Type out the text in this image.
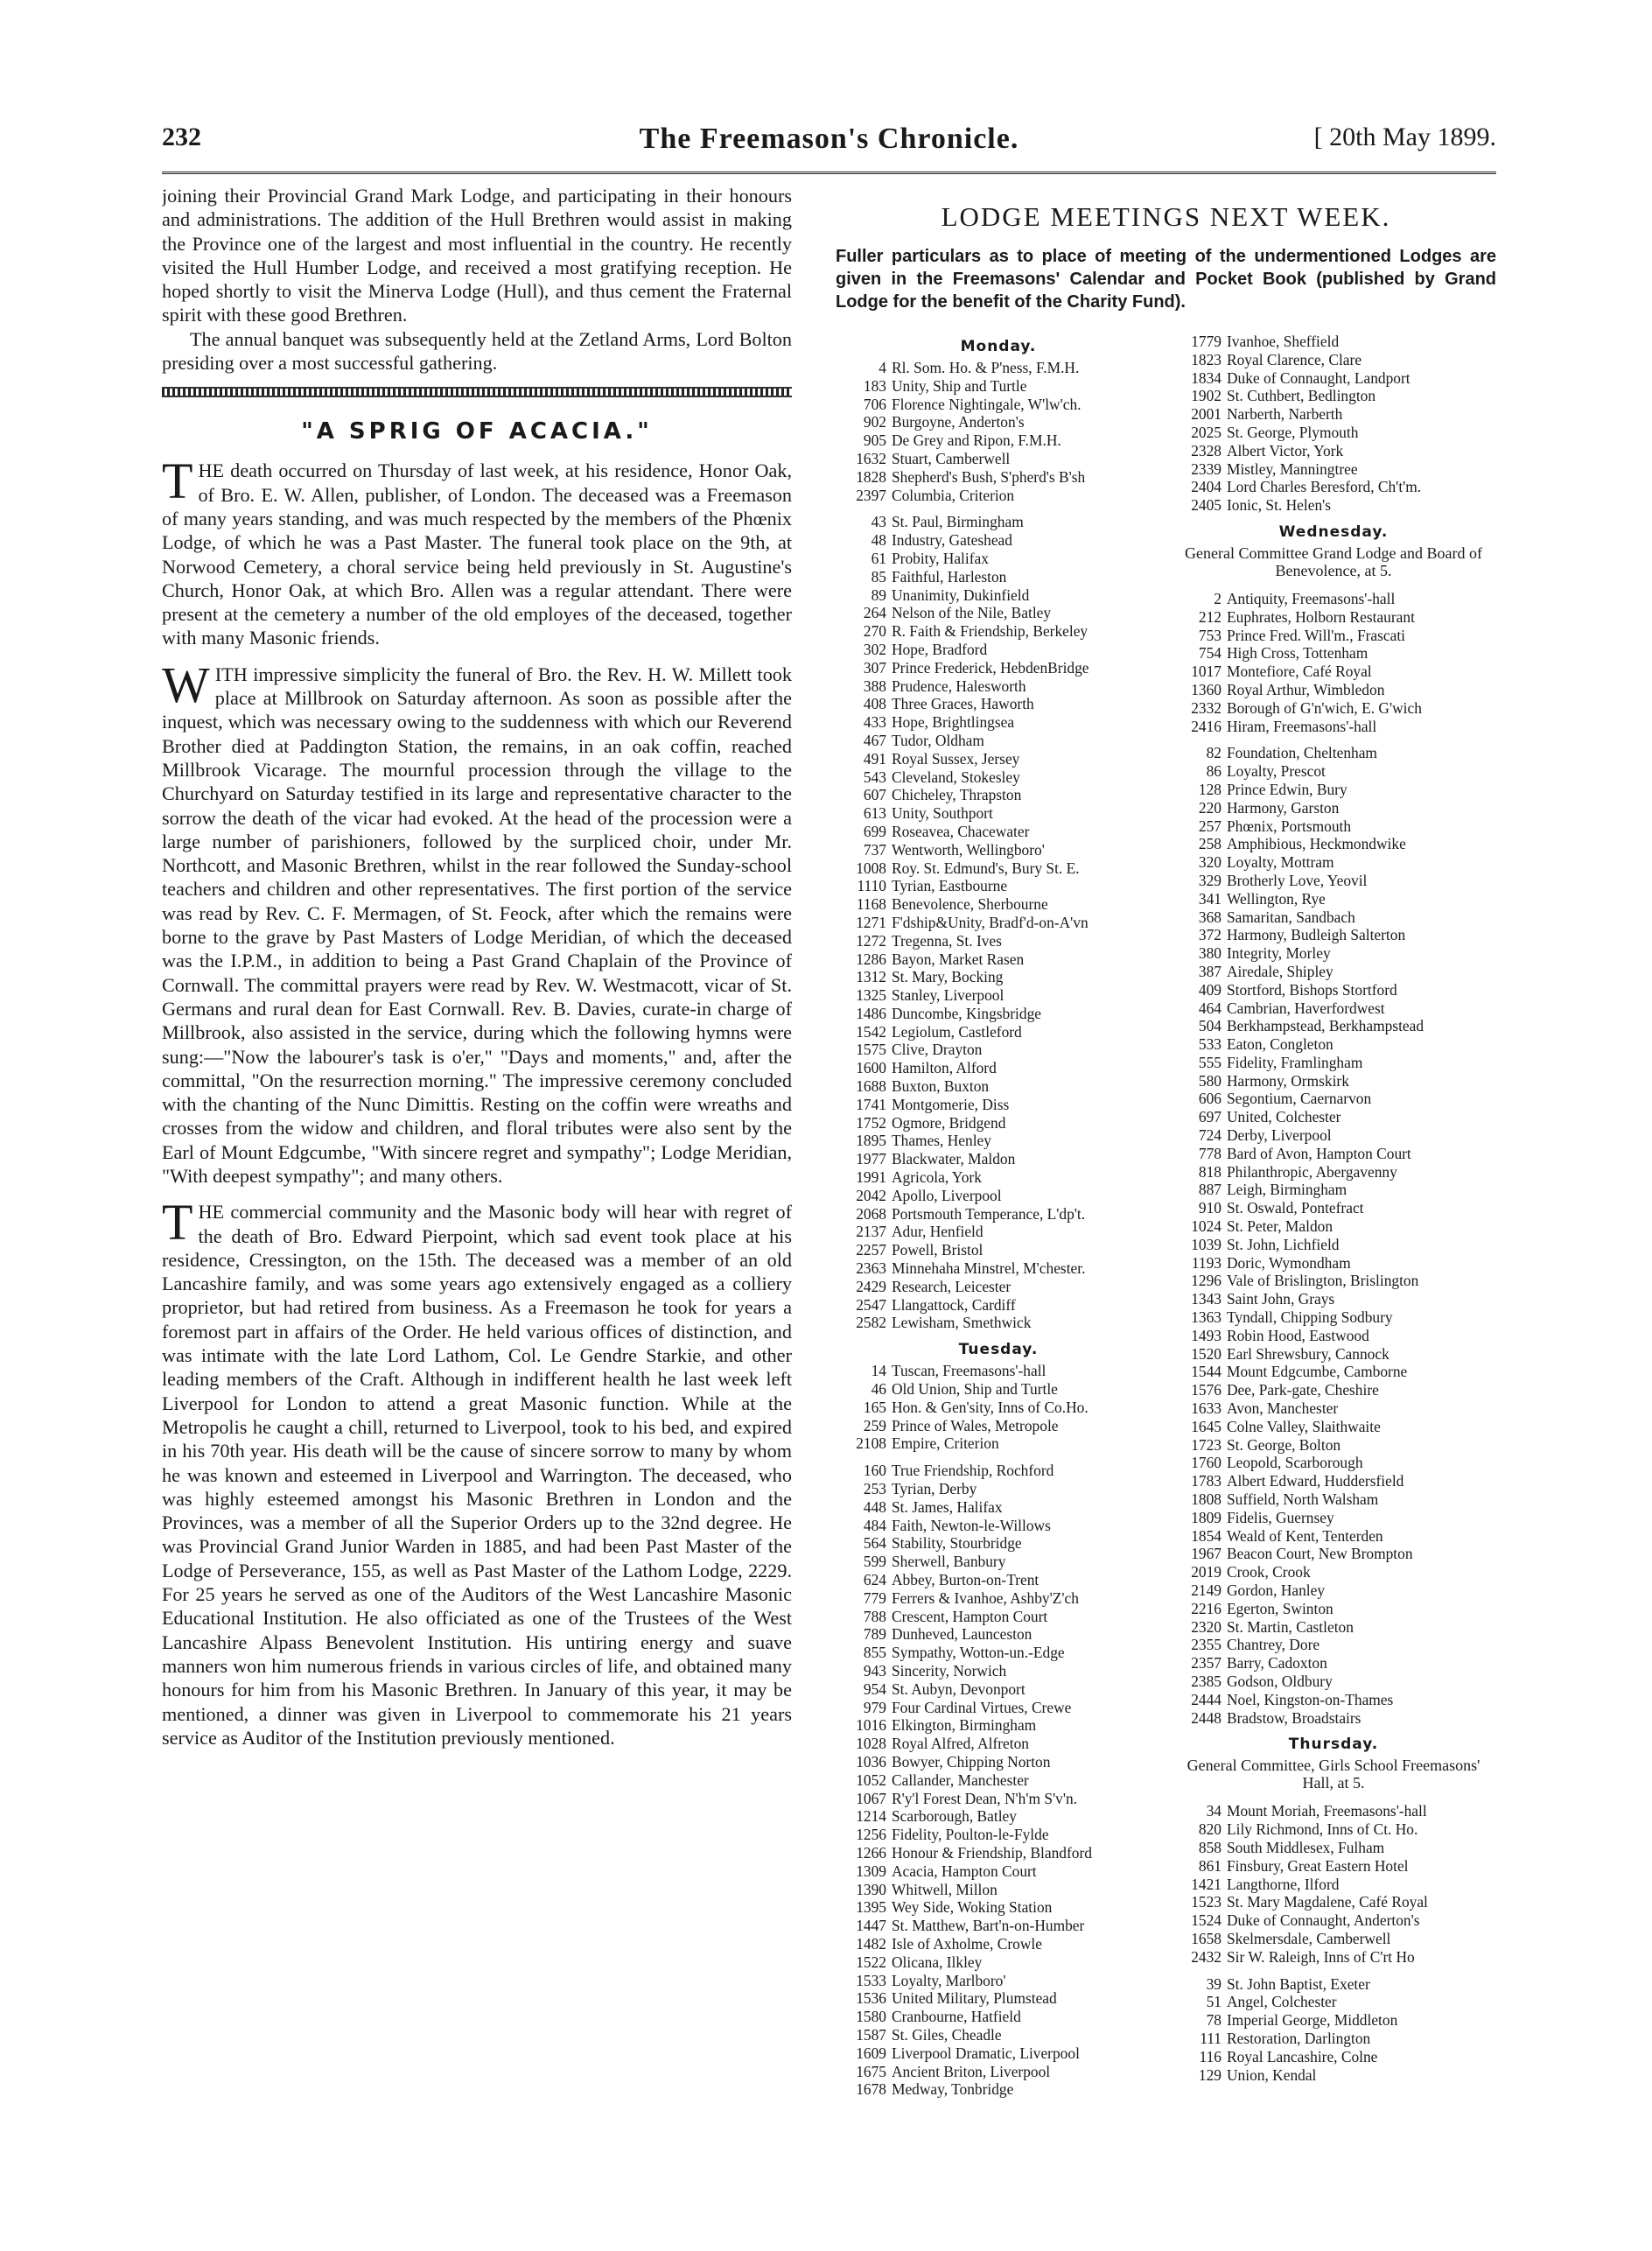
232	The Freemason's Chronicle.	[ 20th May 1899.

joining their Provincial Grand Mark Lodge, and participating in their honours and administrations. The addition of the Hull Brethren would assist in making the Province one of the largest and most influential in the country. He recently visited the Hull Humber Lodge, and received a most gratifying reception. He hoped shortly to visit the Minerva Lodge (Hull), and thus cement the Fraternal spirit with these good Brethren.

The annual banquet was subsequently held at the Zetland Arms, Lord Bolton presiding over a most successful gathering.

"A SPRIG OF ACACIA."

THE death occurred on Thursday of last week, at his residence, Honor Oak, of Bro. E. W. Allen, publisher, of London. The deceased was a Freemason of many years standing, and was much respected by the members of the Phœnix Lodge, of which he was a Past Master. The funeral took place on the 9th, at Norwood Cemetery, a choral service being held previously in St. Augustine's Church, Honor Oak, at which Bro. Allen was a regular attendant. There were present at the cemetery a number of the old employes of the deceased, together with many Masonic friends.

WITH impressive simplicity the funeral of Bro. the Rev. H. W. Millett took place at Millbrook on Saturday afternoon. As soon as possible after the inquest, which was necessary owing to the suddenness with which our Reverend Brother died at Paddington Station, the remains, in an oak coffin, reached Millbrook Vicarage. The mournful procession through the village to the Churchyard on Saturday testified in its large and representative character to the sorrow the death of the vicar had evoked. At the head of the procession were a large number of parishioners, followed by the surpliced choir, under Mr. Northcott, and Masonic Brethren, whilst in the rear followed the Sunday-school teachers and children and other representatives. The first portion of the service was read by Rev. C. F. Mermagen, of St. Feock, after which the remains were borne to the grave by Past Masters of Lodge Meridian, of which the deceased was the I.P.M., in addition to being a Past Grand Chaplain of the Province of Cornwall. The committal prayers were read by Rev. W. Westmacott, vicar of St. Germans and rural dean for East Cornwall. Rev. B. Davies, curate-in charge of Millbrook, also assisted in the service, during which the following hymns were sung:—"Now the labourer's task is o'er," "Days and moments," and, after the committal, "On the resurrection morning." The impressive ceremony concluded with the chanting of the Nunc Dimittis. Resting on the coffin were wreaths and crosses from the widow and children, and floral tributes were also sent by the Earl of Mount Edgcumbe, "With sincere regret and sympathy"; Lodge Meridian, "With deepest sympathy"; and many others.

THE commercial community and the Masonic body will hear with regret of the death of Bro. Edward Pierpoint, which sad event took place at his residence, Cressington, on the 15th. The deceased was a member of an old Lancashire family, and was some years ago extensively engaged as a colliery proprietor, but had retired from business. As a Freemason he took for years a foremost part in affairs of the Order. He held various offices of distinction, and was intimate with the late Lord Lathom, Col. Le Gendre Starkie, and other leading members of the Craft. Although in indifferent health he last week left Liverpool for London to attend a great Masonic function. While at the Metropolis he caught a chill, returned to Liverpool, took to his bed, and expired in his 70th year. His death will be the cause of sincere sorrow to many by whom he was known and esteemed in Liverpool and Warrington. The deceased, who was highly esteemed amongst his Masonic Brethren in London and the Provinces, was a member of all the Superior Orders up to the 32nd degree. He was Provincial Grand Junior Warden in 1885, and had been Past Master of the Lodge of Perseverance, 155, as well as Past Master of the Lathom Lodge, 2229. For 25 years he served as one of the Auditors of the West Lancashire Masonic Educational Institution. He also officiated as one of the Trustees of the West Lancashire Alpass Benevolent Institution. His untiring energy and suave manners won him numerous friends in various circles of life, and obtained many honours for him from his Masonic Brethren. In January of this year, it may be mentioned, a dinner was given in Liverpool to commemorate his 21 years service as Auditor of the Institution previously mentioned.

LODGE MEETINGS NEXT WEEK.

Fuller particulars as to place of meeting of the undermentioned Lodges are given in the Freemasons' Calendar and Pocket Book (published by Grand Lodge for the benefit of the Charity Fund).

Monday.
4 Rl. Som. Ho. & P'ness, F.M.H.
183 Unity, Ship and Turtle
706 Florence Nightingale, W'lw'ch.
902 Burgoyne, Anderton's
905 De Grey and Ripon, F.M.H.
1632 Stuart, Camberwell
1828 Shepherd's Bush, S'pherd's B'sh
2397 Columbia, Criterion
43 St. Paul, Birmingham
48 Industry, Gateshead
61 Probity, Halifax
85 Faithful, Harleston
89 Unanimity, Dukinfield
264 Nelson of the Nile, Batley
270 R. Faith & Friendship, Berkeley
302 Hope, Bradford
307 Prince Frederick, HebdenBridge
388 Prudence, Halesworth
408 Three Graces, Haworth
433 Hope, Brightlingsea
467 Tudor, Oldham
491 Royal Sussex, Jersey
543 Cleveland, Stokesley
607 Chicheley, Thrapston
613 Unity, Southport
699 Roseavea, Chacewater
737 Wentworth, Wellingboro'
1008 Roy. St. Edmund's, Bury St. E.
1110 Tyrian, Eastbourne
1168 Benevolence, Sherbourne
1271 F'dship&Unity, Bradf'd-on-A'vn
1272 Tregenna, St. Ives
1286 Bayon, Market Rasen
1312 St. Mary, Bocking
1325 Stanley, Liverpool
1486 Duncombe, Kingsbridge
1542 Legiolum, Castleford
1575 Clive, Drayton
1600 Hamilton, Alford
1688 Buxton, Buxton
1741 Montgomerie, Diss
1752 Ogmore, Bridgend
1895 Thames, Henley
1977 Blackwater, Maldon
1991 Agricola, York
2042 Apollo, Liverpool
2068 Portsmouth Temperance, L'dp't.
2137 Adur, Henfield
2257 Powell, Bristol
2363 Minnehaha Minstrel, M'chester.
2429 Research, Leicester
2547 Llangattock, Cardiff
2582 Lewisham, Smethwick
Tuesday.
14 Tuscan, Freemasons'-hall
46 Old Union, Ship and Turtle
165 Hon. & Gen'sity, Inns of Co.Ho.
259 Prince of Wales, Metropole
2108 Empire, Criterion
160 True Friendship, Rochford
253 Tyrian, Derby
448 St. James, Halifax
484 Faith, Newton-le-Willows
564 Stability, Stourbridge
599 Sherwell, Banbury
624 Abbey, Burton-on-Trent
779 Ferrers & Ivanhoe, Ashby'Z'ch
788 Crescent, Hampton Court
789 Dunheved, Launceston
855 Sympathy, Wotton-un.-Edge
943 Sincerity, Norwich
954 St. Aubyn, Devonport
979 Four Cardinal Virtues, Crewe
1016 Elkington, Birmingham
1028 Royal Alfred, Alfreton
1036 Bowyer, Chipping Norton
1052 Callander, Manchester
1067 R'y'l Forest Dean, N'h'm S'v'n.
1214 Scarborough, Batley
1256 Fidelity, Poulton-le-Fylde
1266 Honour & Friendship, Blandford
1309 Acacia, Hampton Court
1390 Whitwell, Millon
1395 Wey Side, Woking Station
1447 St. Matthew, Bart'n-on-Humber
1482 Isle of Axholme, Crowle
1522 Olicana, Ilkley
1533 Loyalty, Marlboro'
1536 United Military, Plumstead
1580 Cranbourne, Hatfield
1587 St. Giles, Cheadle
1609 Liverpool Dramatic, Liverpool
1675 Ancient Briton, Liverpool
1678 Medway, Tonbridge
1779 Ivanhoe, Sheffield
1823 Royal Clarence, Clare
1834 Duke of Connaught, Landport
1902 St. Cuthbert, Bedlington
2001 Narberth, Narberth
2025 St. George, Plymouth
2328 Albert Victor, York
2339 Mistley, Manningtree
2404 Lord Charles Beresford, Ch't'm.
2405 Ionic, St. Helen's
Wednesday.
General Committee Grand Lodge and Board of Benevolence, at 5.
2 Antiquity, Freemasons'-hall
212 Euphrates, Holborn Restaurant
753 Prince Fred. Will'm., Frascati
754 High Cross, Tottenham
1017 Montefiore, Café Royal
1360 Royal Arthur, Wimbledon
2332 Borough of G'n'wich, E. G'wich
2416 Hiram, Freemasons'-hall
82 Foundation, Cheltenham
86 Loyalty, Prescot
128 Prince Edwin, Bury
220 Harmony, Garston
257 Phœnix, Portsmouth
258 Amphibious, Heckmondwike
320 Loyalty, Mottram
329 Brotherly Love, Yeovil
341 Wellington, Rye
368 Samaritan, Sandbach
372 Harmony, Budleigh Salterton
380 Integrity, Morley
387 Airedale, Shipley
409 Stortford, Bishops Stortford
464 Cambrian, Haverfordwest
504 Berkhampstead, Berkhampstead
533 Eaton, Congleton
555 Fidelity, Framlingham
580 Harmony, Ormskirk
606 Segontium, Caernarvon
697 United, Colchester
724 Derby, Liverpool
778 Bard of Avon, Hampton Court
818 Philanthropic, Abergavenny
887 Leigh, Birmingham
910 St. Oswald, Pontefract
1024 St. Peter, Maldon
1039 St. John, Lichfield
1193 Doric, Wymondham
1296 Vale of Brislington, Brislington
1343 Saint John, Grays
1363 Tyndall, Chipping Sodbury
1493 Robin Hood, Eastwood
1520 Earl Shrewsbury, Cannock
1544 Mount Edgcumbe, Camborne
1576 Dee, Park-gate, Cheshire
1633 Avon, Manchester
1645 Colne Valley, Slaithwaite
1723 St. George, Bolton
1760 Leopold, Scarborough
1783 Albert Edward, Huddersfield
1808 Suffield, North Walsham
1809 Fidelis, Guernsey
1854 Weald of Kent, Tenterden
1967 Beacon Court, New Brompton
2019 Crook, Crook
2149 Gordon, Hanley
2216 Egerton, Swinton
2320 St. Martin, Castleton
2355 Chantrey, Dore
2357 Barry, Cadoxton
2385 Godson, Oldbury
2444 Noel, Kingston-on-Thames
2448 Bradstow, Broadstairs
Thursday.
General Committee, Girls School Freemasons' Hall, at 5.
34 Mount Moriah, Freemasons'-hall
820 Lily Richmond, Inns of Ct. Ho.
858 South Middlesex, Fulham
861 Finsbury, Great Eastern Hotel
1421 Langthorne, Ilford
1523 St. Mary Magdalene, Café Royal
1524 Duke of Connaught, Anderton's
1658 Skelmersdale, Camberwell
2432 Sir W. Raleigh, Inns of C'rt Ho
39 St. John Baptist, Exeter
51 Angel, Colchester
78 Imperial George, Middleton
111 Restoration, Darlington
116 Royal Lancashire, Colne
129 Union, Kendal
